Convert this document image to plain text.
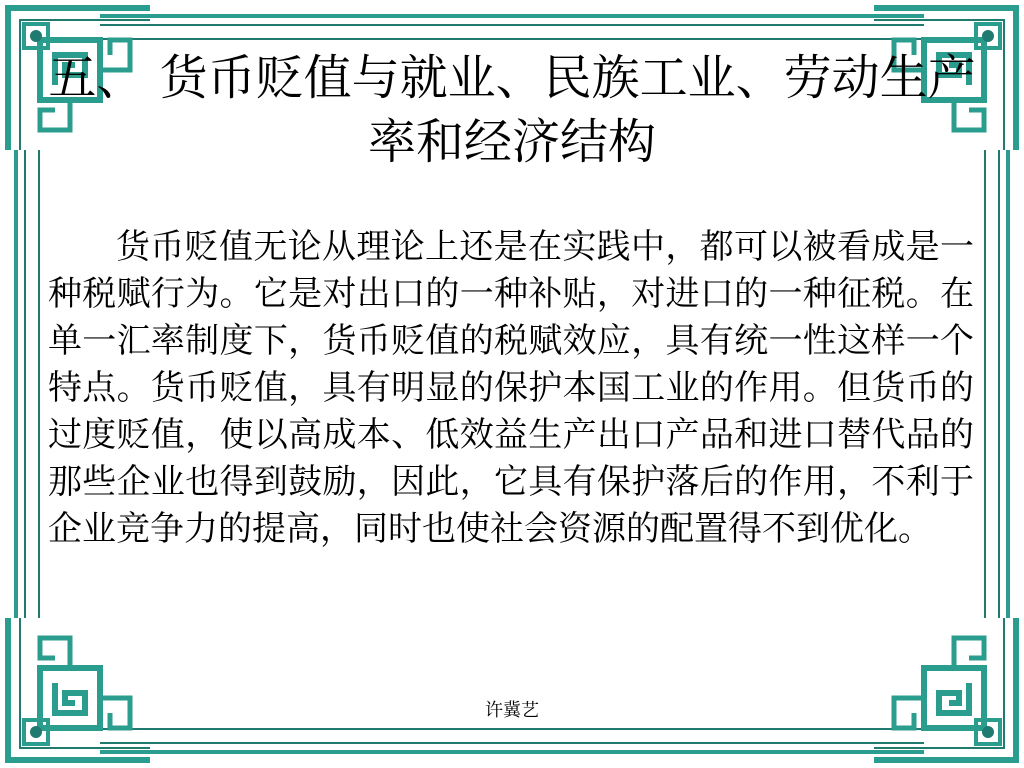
五、 货币贬值与就业、民族工业、劳动生产率和经济结构

货币贬值无论从理论上还是在实践中，都可以被看成是一种税赋行为。它是对出口的一种补贴，对进口的一种征税。在单一汇率制度下，货币贬值的税赋效应，具有统一性这样一个特点。货币贬值，具有明显的保护本国工业的作用。但货币的过度贬值，使以高成本、低效益生产出口产品和进口替代品的那些企业也得到鼓励，因此，它具有保护落后的作用，不利于企业竞争力的提高，同时也使社会资源的配置得不到优化。

许冀艺
